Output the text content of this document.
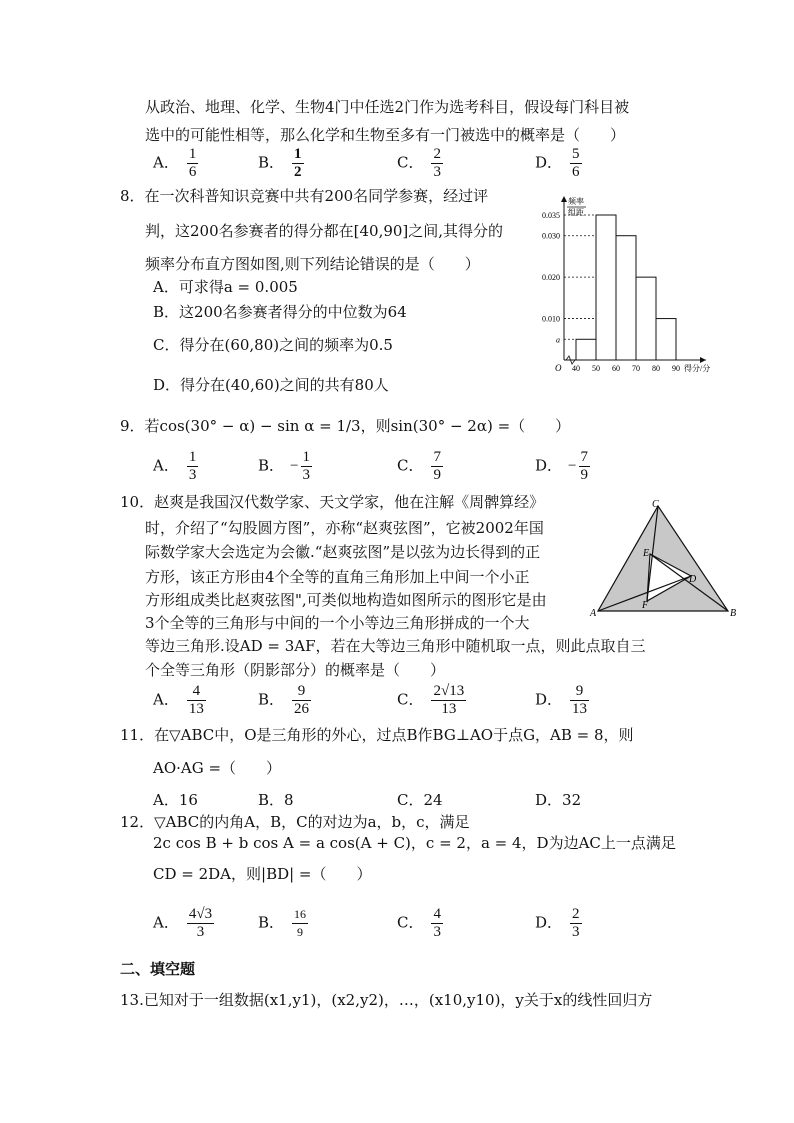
从政治、地理、化学、生物4门中任选2门作为选考科目，假设每门科目被
选中的可能性相等，那么化学和生物至多有一门被选中的概率是（　　）
A． $\frac{1}{6}$	B． $\frac{1}{2}$	C． $\frac{2}{3}$	D． $\frac{5}{6}$
8．在一次科普知识竞赛中共有200名同学参赛，经过评
判，这200名参赛者的得分都在[40,90]之间,其得分的
频率分布直方图如图,则下列结论错误的是（　　）
A．可求得a = 0.005
B．这200名参赛者得分的中位数为64
C．得分在(60,80)之间的频率为0.5
D．得分在(40,60)之间的共有80人
0.035
0.030
0.020
0.010
a
40 50 60 70 80 90
O	得分/分
频率
组距
9．若cos(30° − α) − sin α = 1/3，则sin(30° − 2α) =（　　）
A． $\frac{1}{3}$	B． − $\frac{1}{3}$	C． $\frac{7}{9}$	D． − $\frac{7}{9}$
10．赵爽是我国汉代数学家、天文学家，他在注解《周髀算经》
时，介绍了“勾股圆方图”，亦称“赵爽弦图”，它被2002年国
际数学家大会选定为会徽.“赵爽弦图”是以弦为边长得到的正
方形，该正方形由4个全等的直角三角形加上中间一个小正
方形组成类比赵爽弦图",可类似地构造如图所示的图形它是由
3个全等的三角形与中间的一个小等边三角形拼成的一个大
等边三角形.设AD = 3AF，若在大等边三角形中随机取一点，则此点取自三
个全等三角形（阴影部分）的概率是（　　）
A	B
C
D
E
F
A． $\frac{4}{13}$	B． $\frac{9}{26}$	C． $\frac{2√13}{13}$	D． $\frac{9}{13}$
11．在▽ABC中，O是三角形的外心，过点B作BG⊥AO于点G，AB = 8，则
AO·AG =（　　）
A．16	B．8	C．24	D．32
12．▽ABC的内角A，B，C的对边为a，b，c，满足
2c cos B + b cos A = a cos(A + C)，c = 2，a = 4，D为边AC上一点满足
CD = 2DA，则|BD| =（　　）
A． $\frac{4√3}{3}$	B． $\frac{16}{9}$	C． $\frac{4}{3}$	D． $\frac{2}{3}$
二、填空题
13.已知对于一组数据(x1,y1)，(x2,y2)，…，(x10,y10)，y关于x的线性回归方
